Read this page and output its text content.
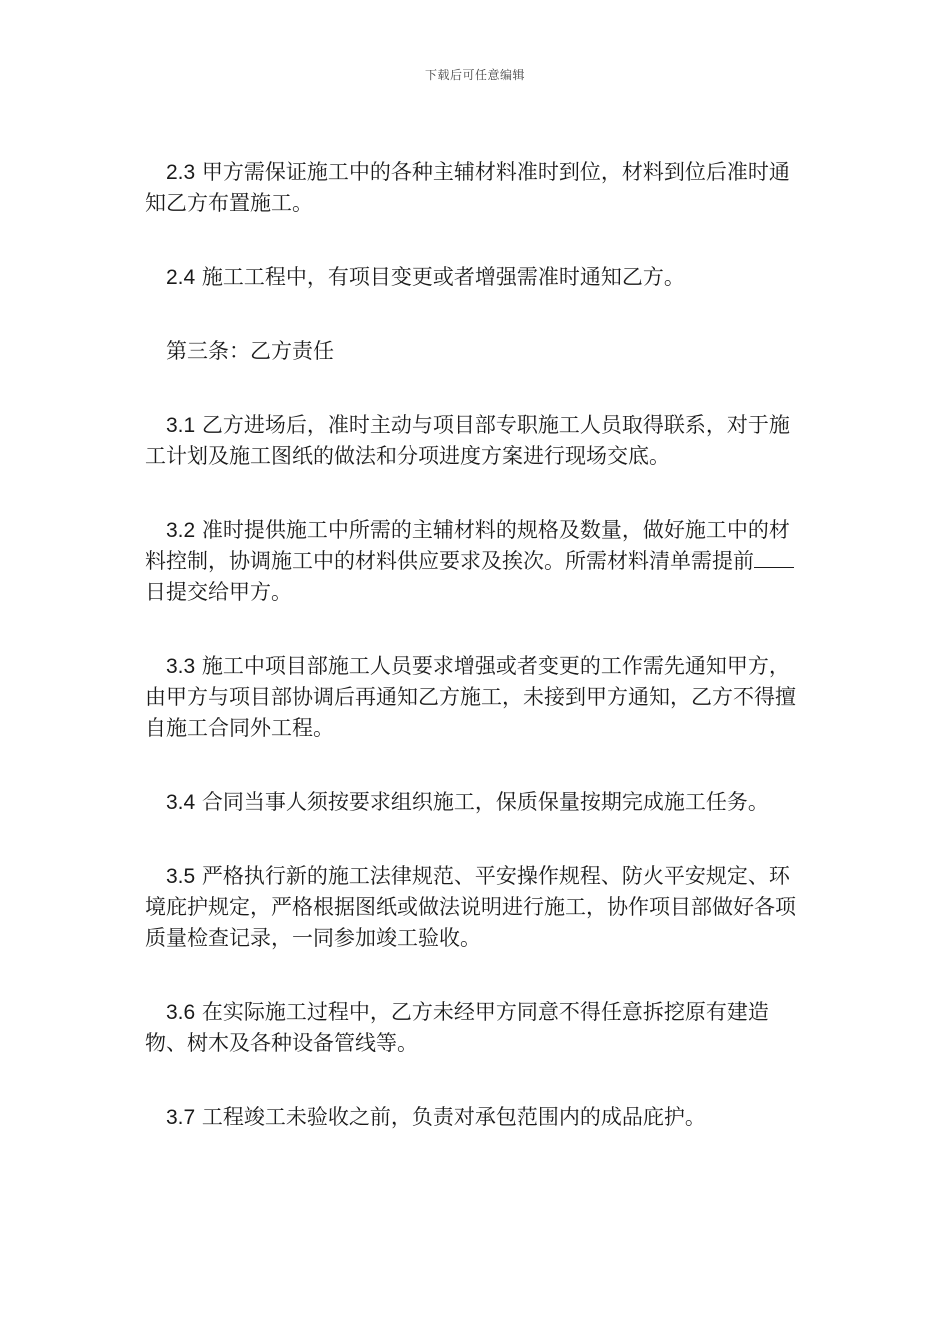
下载后可任意编辑

2.3 甲方需保证施工中的各种主辅材料准时到位，材料到位后准时通知乙方布置施工。

2.4 施工工程中，有项目变更或者增强需准时通知乙方。

第三条：乙方责任

3.1 乙方进场后，准时主动与项目部专职施工人员取得联系，对于施工计划及施工图纸的做法和分项进度方案进行现场交底。

3.2 准时提供施工中所需的主辅材料的规格及数量，做好施工中的材料控制，协调施工中的材料供应要求及挨次。所需材料清单需提前日提交给甲方。

3.3 施工中项目部施工人员要求增强或者变更的工作需先通知甲方，由甲方与项目部协调后再通知乙方施工，未接到甲方通知，乙方不得擅自施工合同外工程。

3.4 合同当事人须按要求组织施工，保质保量按期完成施工任务。

3.5 严格执行新的施工法律规范、平安操作规程、防火平安规定、环境庇护规定，严格根据图纸或做法说明进行施工，协作项目部做好各项质量检查记录，一同参加竣工验收。

3.6 在实际施工过程中，乙方未经甲方同意不得任意拆挖原有建造物、树木及各种设备管线等。

3.7 工程竣工未验收之前，负责对承包范围内的成品庇护。
